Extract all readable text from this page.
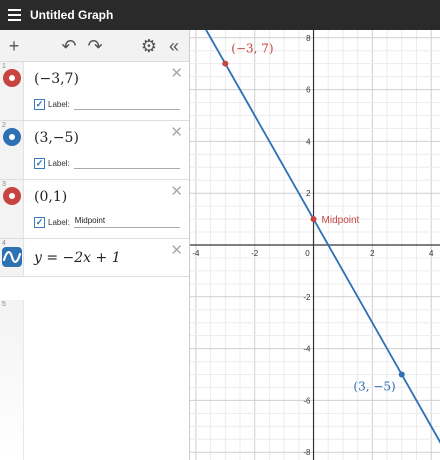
Untitled Graph
+ ↶ ↷ ⚙ «
1
(−3,7)	✕
✓ Label:
2
(3,−5)	✕
✓ Label:
3
(0,1)	✕
✓ Label: Midpoint
4
y = −2x + 1	✕
5
-4	-2	0	2	4
8
6
4
2
-2
-4
-6
-8
(−3, 7)
(3, −5)
Midpoint
